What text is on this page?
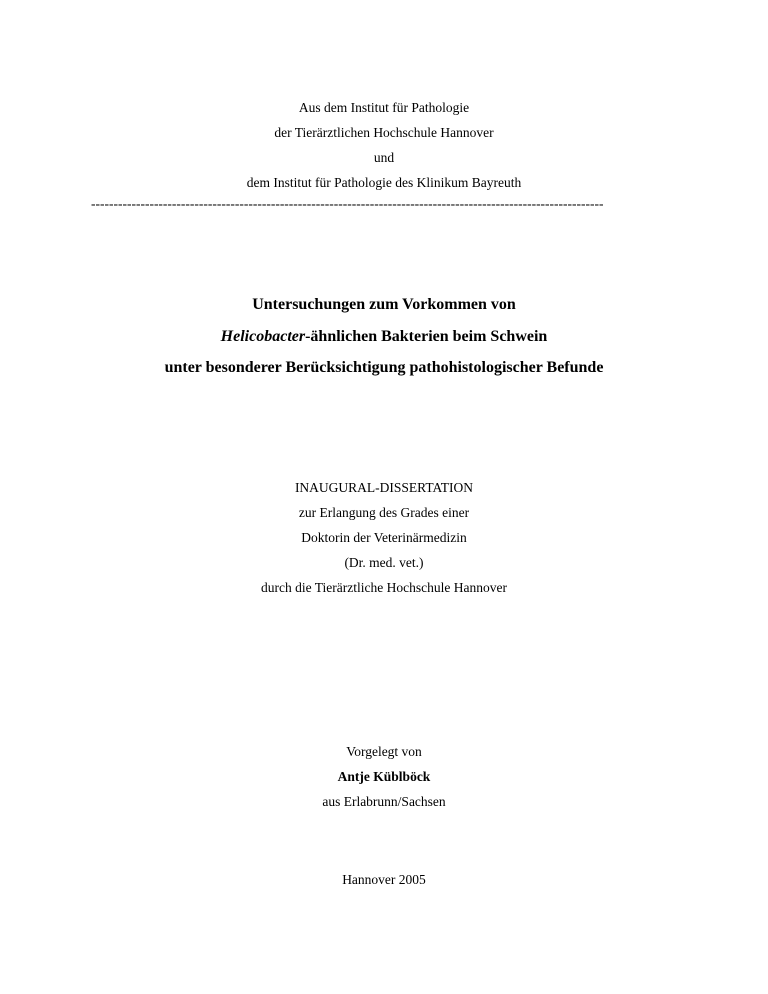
Aus dem Institut für Pathologie
der Tierärztlichen Hochschule Hannover
und
dem Institut für Pathologie des Klinikum Bayreuth
------------------------------------------------------------------------------------------------------------------
Untersuchungen zum Vorkommen von
Helicobacter-ähnlichen Bakterien beim Schwein
unter besonderer Berücksichtigung pathohistologischer Befunde
INAUGURAL-DISSERTATION
zur Erlangung des Grades einer
Doktorin der Veterinärmedizin
(Dr. med. vet.)
durch die Tierärztliche Hochschule Hannover
Vorgelegt von
Antje Küblböck
aus Erlabrunn/Sachsen
Hannover 2005
